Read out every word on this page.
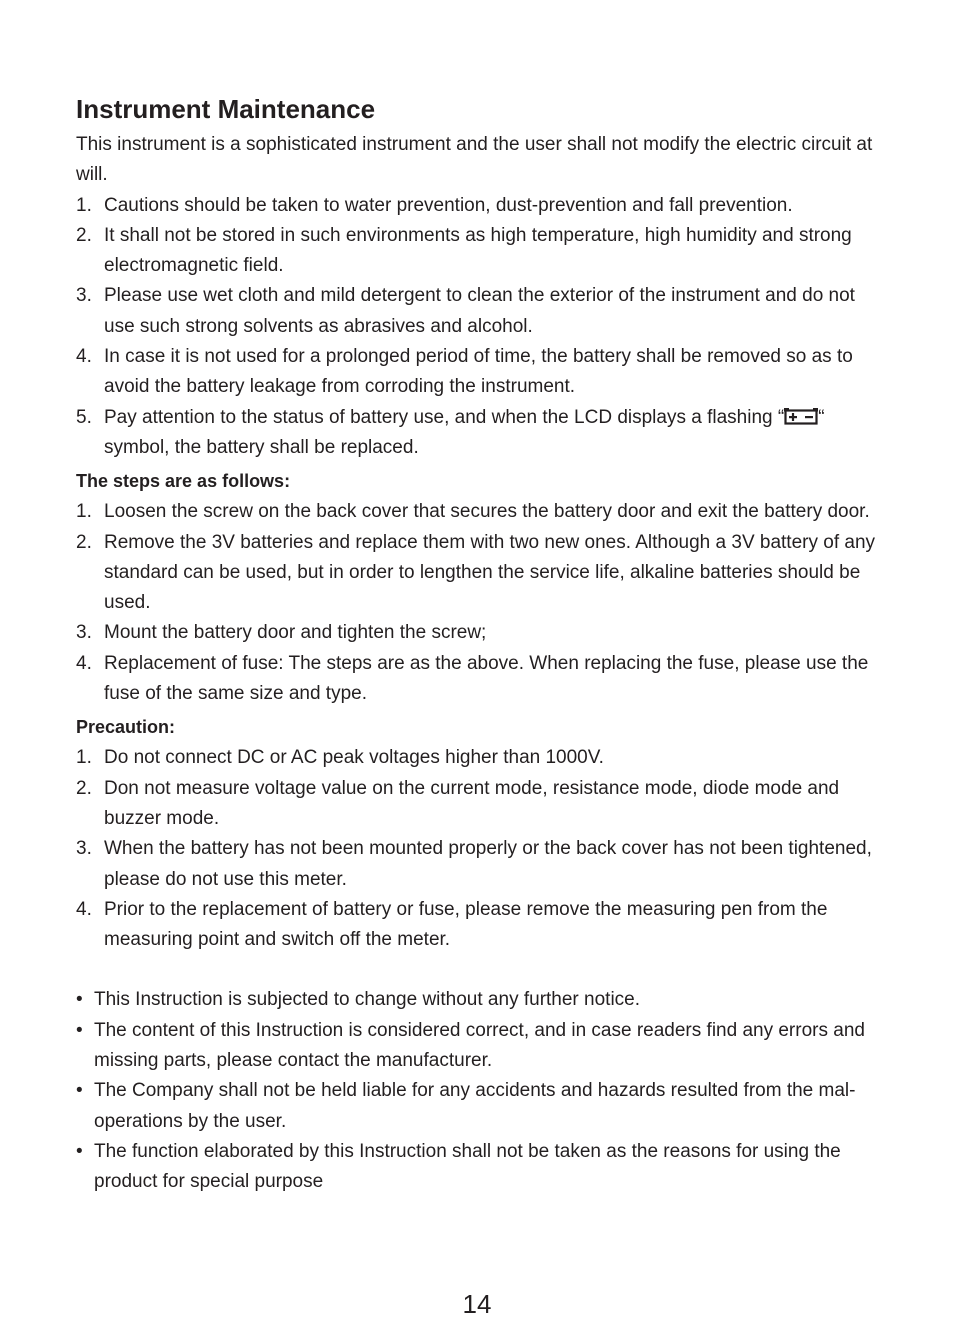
Instrument Maintenance

This instrument is a sophisticated instrument and the user shall not modify the electric circuit at will.

1. Cautions should be taken to water prevention, dust-prevention and fall prevention.
2. It shall not be stored in such environments as high temperature, high humidity and strong electromagnetic field.
3. Please use wet cloth and mild detergent to clean the exterior of the instrument and do not use such strong solvents as abrasives and alcohol.
4. In case it is not used for a prolonged period of time, the battery shall be removed so as to avoid the battery leakage from corroding the instrument.
5. Pay attention to the status of battery use, and when the LCD displays a flashing “ “ symbol, the battery shall be replaced.
The steps are as follows:
1. Loosen the screw on the back cover that secures the battery door and exit the battery door.
2. Remove the 3V batteries and replace them with two new ones. Although a 3V battery of any standard can be used, but in order to lengthen the service life, alkaline batteries should be used.
3. Mount the battery door and tighten the screw;
4. Replacement of fuse: The steps are as the above. When replacing the fuse, please use the fuse of the same size and type.
Precaution:
1. Do not connect DC or AC peak voltages higher than 1000V.
2. Don not measure voltage value on the current mode, resistance mode, diode mode and buzzer mode.
3. When the battery has not been mounted properly or the back cover has not been tightened, please do not use this meter.
4. Prior to the replacement of battery or fuse, please remove the measuring pen from the measuring point and switch off the meter.
• This Instruction is subjected to change without any further notice.
• The content of this Instruction is considered correct, and in case readers find any errors and missing parts, please contact the manufacturer.
• The Company shall not be held liable for any accidents and hazards resulted from the mal-operations by the user.
• The function elaborated by this Instruction shall not be taken as the reasons for using the product for special purpose
14
